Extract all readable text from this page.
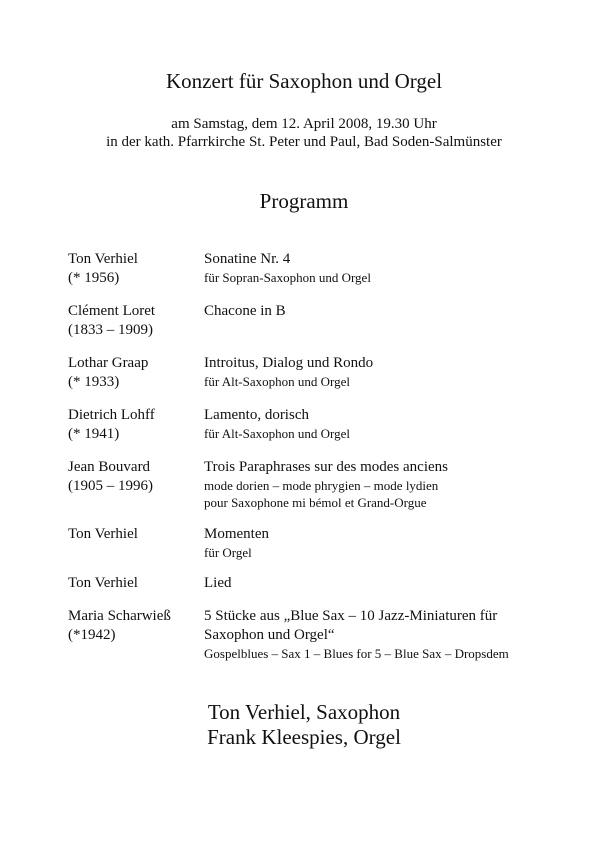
Konzert für Saxophon und Orgel
am Samstag, dem 12. April 2008, 19.30 Uhr
in der kath. Pfarrkirche St. Peter und Paul, Bad Soden-Salmünster
Programm
Ton Verhiel
(* 1956)
Sonatine Nr. 4
für Sopran-Saxophon und Orgel
Clément Loret
(1833 – 1909)
Chacone in B
Lothar Graap
(* 1933)
Introitus, Dialog und Rondo
für Alt-Saxophon und Orgel
Dietrich Lohff
(* 1941)
Lamento, dorisch
für Alt-Saxophon und Orgel
Jean Bouvard
(1905 – 1996)
Trois Paraphrases sur des modes anciens
mode dorien – mode phrygien – mode lydien
pour Saxophone mi bémol et Grand-Orgue
Ton Verhiel	Momenten
für Orgel
Ton Verhiel	Lied
Maria Scharwieß
(*1942)
5 Stücke aus „Blue Sax – 10 Jazz-Miniaturen für
Saxophon und Orgel“
Gospelblues – Sax 1 – Blues for 5 – Blue Sax – Dropsdem
Ton Verhiel, Saxophon
Frank Kleespies, Orgel
